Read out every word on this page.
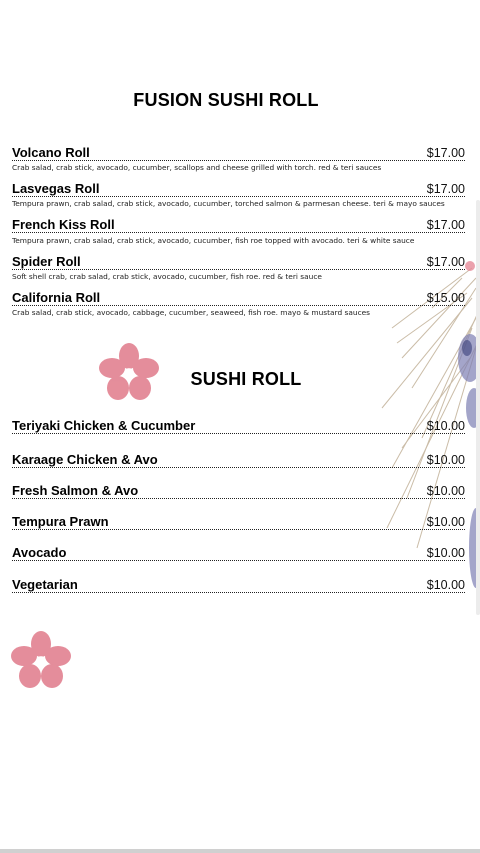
FUSION SUSHI ROLL
Volcano Roll	$17.00
Crab salad, crab stick, avocado, cucumber, scallops and cheese grilled with torch. red & teri sauces
Lasvegas Roll	$17.00
Tempura prawn, crab salad, crab stick, avocado, cucumber, torched salmon & parmesan cheese. teri & mayo sauces
French Kiss Roll	$17.00
Tempura prawn, crab salad, crab stick, avocado, cucumber, fish roe topped with avocado. teri & white sauce
Spider Roll	$17.00
Soft shell crab, crab salad, crab stick, avocado, cucumber, fish roe. red & teri sauce
California Roll	$15.00
Crab salad, crab stick, avocado, cabbage, cucumber, seaweed, fish roe. mayo & mustard sauces
SUSHI ROLL
Teriyaki Chicken & Cucumber	$10.00
Karaage Chicken & Avo	$10.00
Fresh Salmon & Avo	$10.00
Tempura Prawn	$10.00
Avocado	$10.00
Vegetarian	$10.00
